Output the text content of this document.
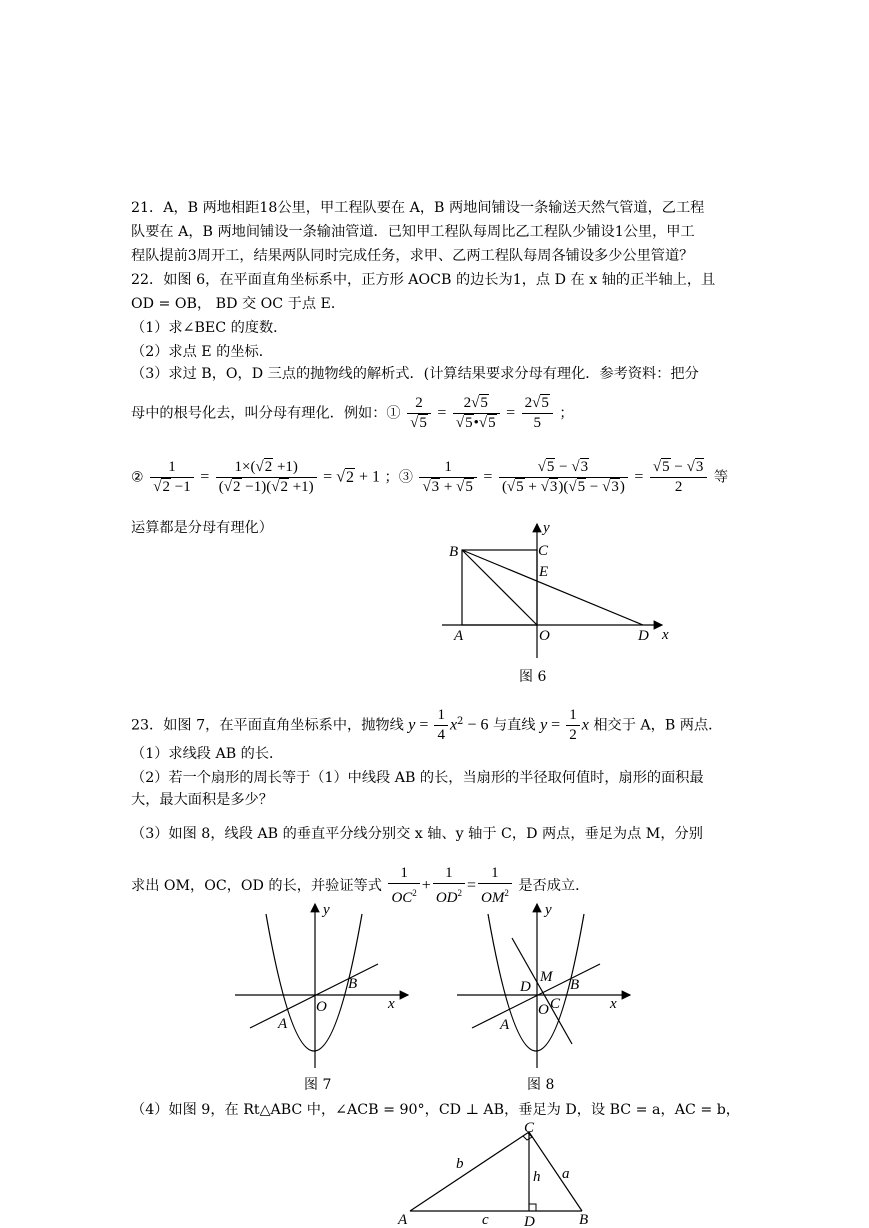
21．A，B 两地相距18公里，甲工程队要在 A，B 两地间铺设一条输送天然气管道，乙工程
队要在 A，B 两地间铺设一条输油管道．已知甲工程队每周比乙工程队少铺设1公里，甲工
程队提前3周开工，结果两队同时完成任务，求甲、乙两工程队每周各铺设多少公里管道？
22．如图 6，在平面直角坐标系中，正方形 AOCB 的边长为1，点 D 在 x 轴的正半轴上，且
OD = OB， BD 交 OC 于点 E．
（1）求∠BEC 的度数．
（2）求点 E 的坐标．
（3）求过 B，O，D 三点的抛物线的解析式．(计算结果要求分母有理化．参考资料：把分
母中的根号化去，叫分母有理化．例如：① $\frac{2}{√5} = \frac{2√5}{√5•√5} = \frac{2√5}{5}$ ；
② $\frac{1}{√2 -1} = \frac{1\times(√2 +1)}{(√2 -1)(√2 +1)} = √2 + 1$ ；③ $\frac{1}{√3 + √5} = \frac{√5 - √3}{(√5 + √3)(√5 - √3)} = \frac{√5 - √3}{2}$ 等
运算都是分母有理化）
B	C
E
A	O	D x
y
图 6
23．如图 7，在平面直角坐标系中，抛物线 $y = \frac{1}{4} x^2 - 6$ 与直线 $y = \frac{1}{2}$ x 相交于 A，B 两点．
（1）求线段 AB 的长．
（2）若一个扇形的周长等于（1）中线段 AB 的长，当扇形的半径取何值时，扇形的面积最
大，最大面积是多少？
（3）如图 8，线段 AB 的垂直平分线分别交 x 轴、y 轴于 C，D 两点，垂足为点 M，分别
求出 OM，OC，OD 的长，并验证等式 $\frac{1}{OC^2} + \frac{1}{OD^2} = \frac{1}{OM^2}$ 是否成立．
y
x
O
A
B
图 7
y
x
O
A
B
C
D
M
图 8
（4）如图 9，在 Rt△ABC 中，∠ACB = 90°，CD ⊥ AB，垂足为 D，设 BC = a，AC = b，
A	B
C
D
a
b
c
h
